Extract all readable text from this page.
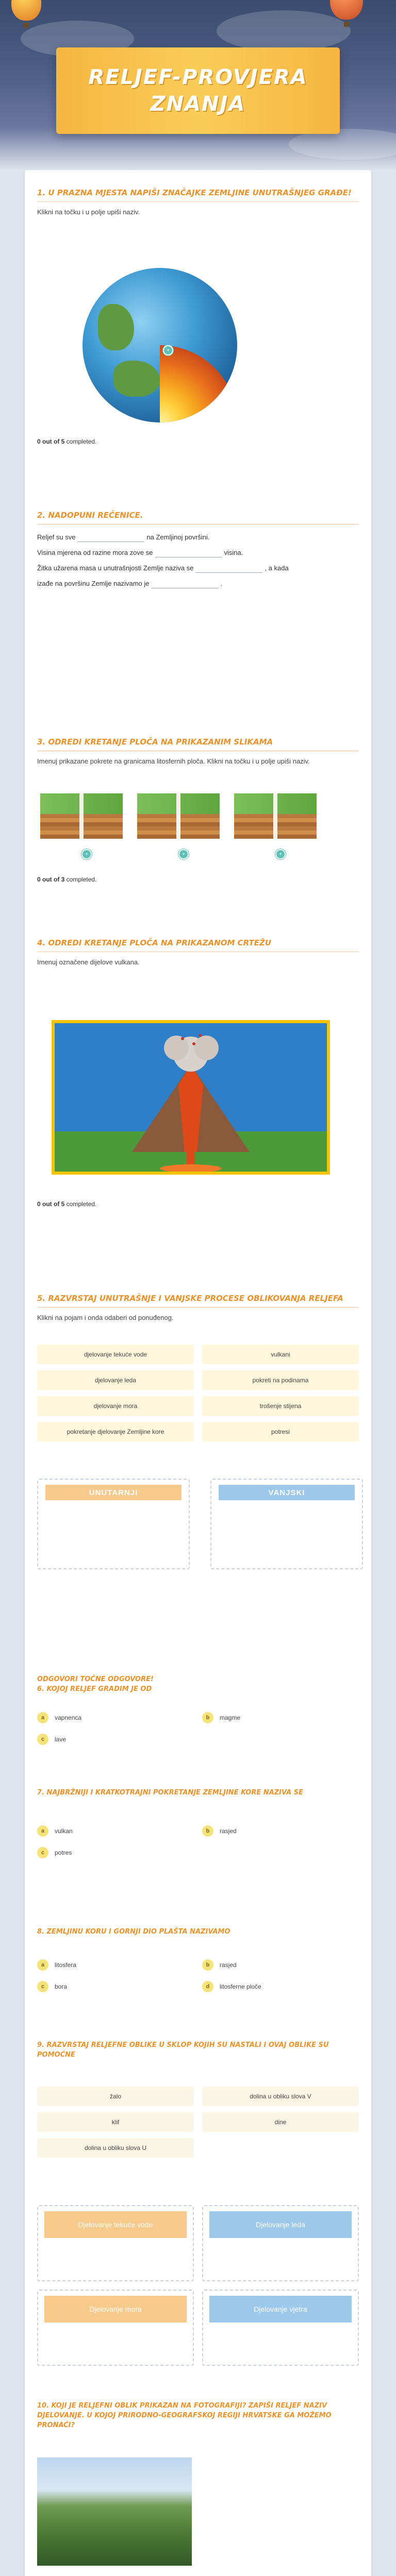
RELJEF-PROVJERA
ZNANJA
1. U PRAZNA MJESTA NAPIŠI ZNAČAJKE ZEMLJINE UNUTRAŠNJEG GRAĐE!
Klikni na točku i u polje upiši naziv.
+
0 out of 5 completed.
2. NADOPUNI REČENICE.
Reljef su sve	na Zemljinoj površini.
Visina mjerena od razine mora zove se	visina.
Žitka užarena masa u unutrašnjosti Zemlje naziva se	, a kada
izađe na površinu Zemlje nazivamo je	.
3. ODREDI KRETANJE PLOČA NA PRIKAZANIM SLIKAMA
Imenuj prikazane pokrete na granicama litosfernih ploča. Klikni na točku i u polje upiši naziv.
+	+	+
0 out of 3 completed.
4. ODREDI KRETANJE PLOČA NA PRIKAZANOM CRTEŽU
Imenuj označene dijelove vulkana.
0 out of 5 completed.
5. RAZVRSTAJ UNUTRAŠNJE I VANJSKE PROCESE OBLIKOVANJA RELJEFA
Klikni na pojam i onda odaberi od ponuđenog.
djelovanje tekuće vode	vulkani
djelovanje leda	pokreti na podinama
djelovanje mora	trošenje stijena
pokretanje djelovanje Zemljine kore	potresi
UNUTARNJI	VANJSKI
ODGOVORI TOČNE ODGOVORE!
6. KOJOJ RELJEF GRADIM JE OD
a	vapnenca	b	magme
c	lave
7. NAJBRŽNIJI I KRATKOTRAJNI POKRETANJE ZEMLJINE KORE NAZIVA SE
a	vulkan	b	rasjed
c	potres
8. ZEMLJINU KORU I GORNJI DIO PLAŠTA NAZIVAMO
a	litosfera	b	rasjed
c	bora	d	litosferne ploče
9. RAZVRSTAJ RELJEFNE OBLIKE U SKLOP KOJIH SU NASTALI I OVAJ OBLIKE SU POMOĆNE
žalo	dolina u obliku slova V
klif	dine
dolina u obliku slova U
Djelovanje tekuće vode	Djelovanje leda
Djelovanje mora	Djelovanje vjetra
10. KOJI JE RELJEFNI OBLIK PRIKAZAN NA FOTOGRAFIJI? ZAPIŠI RELJEF NAZIV DJELOVANJE. U KOJOJ PRIRODNO-GEOGRAFSKOJ REGIJI HRVATSKE GA MOŽEMO PRONAĆI?
